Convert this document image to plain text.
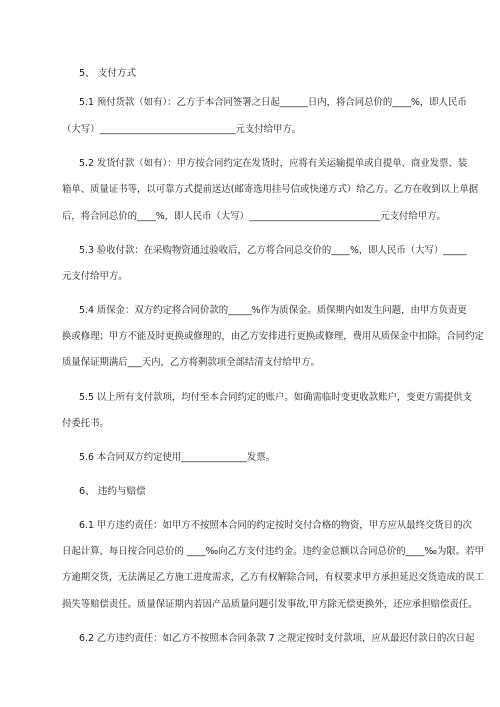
5、 支付方式
5.1 预付货款（如有）：乙方于本合同签署之日起______日内，将合同总价的____%，即人民币
（大写）_____________________________元支付给甲方。
5.2 发货付款（如有）：甲方按合同约定在发货时，应将有关运输提单或自提单、商业发票、装
箱单、质量证书等，以可靠方式提前送达(邮寄选用挂号信或快递方式）给乙方。乙方在收到以上单据
后，将合同总价的____%，即人民币（大写）____________________________元支付给甲方。
5.3 验收付款：在采购物资通过验收后，乙方将合同总交价的____%，即人民币（大写）_____
元支付给甲方。
5.4 质保金：双方约定将合同价款的_____%作为质保金。质保期内如发生问题，由甲方负责更
换或修理；甲方不能及时更换或修理的，由乙方安排进行更换或修理，费用从质保金中扣除。合同约定
质量保证期满后___天内，乙方将剩款项全部结清支付给甲方。
5.5 以上所有支付款项，均付至本合同约定的账户。如确需临时变更收款账户，变更方需提供支
付委托书。
5.6 本合同双方约定使用______________发票。
6、 违约与赔偿
6.1 甲方违约责任：如甲方不按照本合同的约定按时交付合格的物资，甲方应从最终交货日的次
日起计算，每日按合同总价的 ____‰向乙方支付违约金。违约金总额以合同总价的____‰为限。若甲
方逾期交货，无法满足乙方施工进度需求，乙方有权解除合同，有权要求甲方承担延迟交货造成的误工
损失等赔偿责任。质量保证期内若因产品质量问题引发事故,甲方除无偿更换外，还应承担赔偿责任。
6.2 乙方违约责任：如乙方不按照本合同条款 7 之规定按时支付款项，应从最迟付款日的次日起
